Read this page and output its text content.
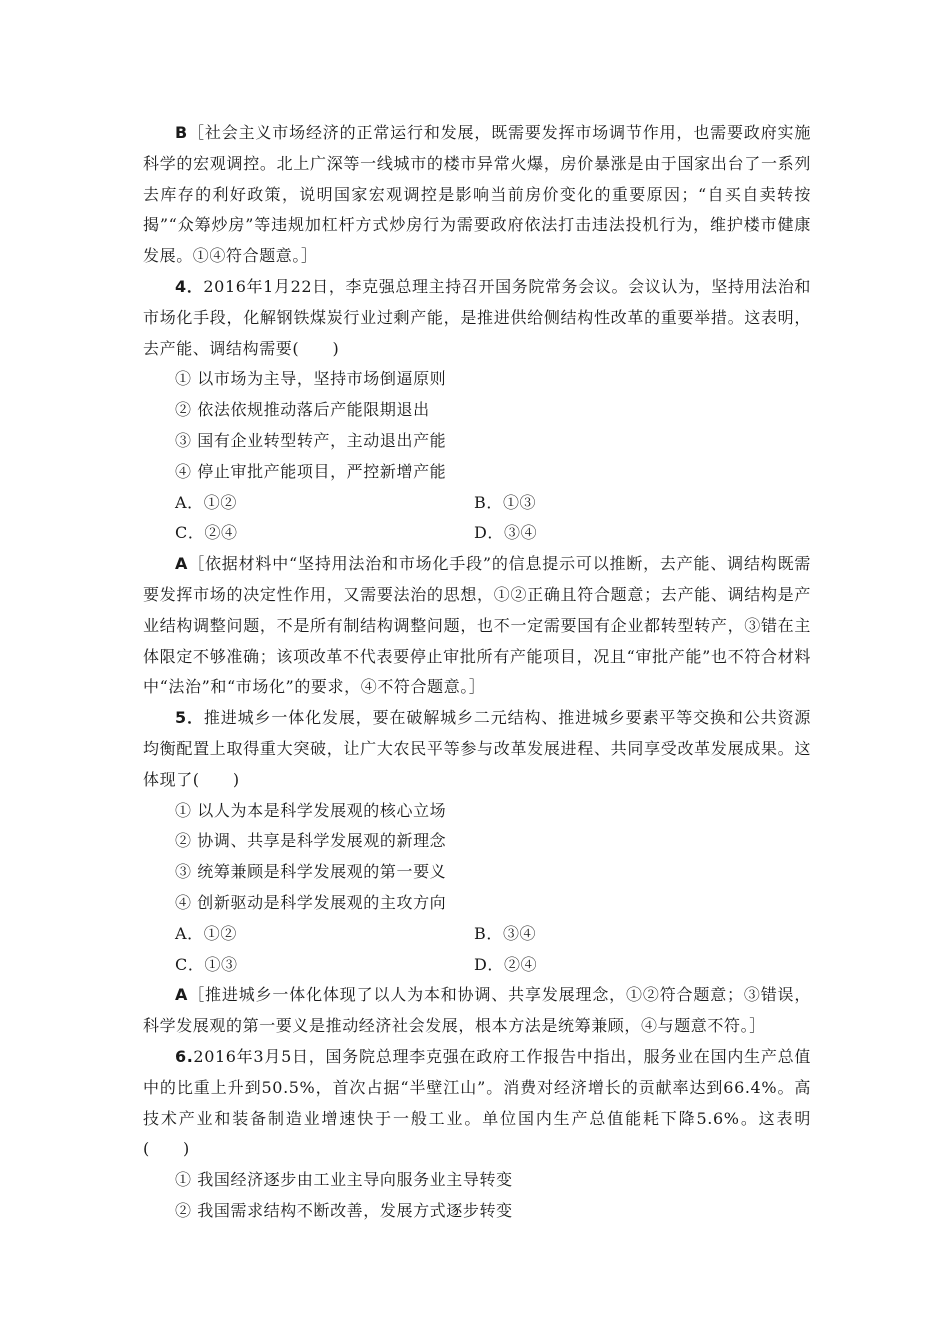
B［社会主义市场经济的正常运行和发展，既需要发挥市场调节作用，也需要政府实施科学的宏观调控。北上广深等一线城市的楼市异常火爆，房价暴涨是由于国家出台了一系列去库存的利好政策，说明国家宏观调控是影响当前房价变化的重要原因；“自买自卖转按揭”“众筹炒房”等违规加杠杆方式炒房行为需要政府依法打击违法投机行为，维护楼市健康发展。①④符合题意。］

4．2016年1月22日，李克强总理主持召开国务院常务会议。会议认为，坚持用法治和市场化手段，化解钢铁煤炭行业过剩产能，是推进供给侧结构性改革的重要举措。这表明，去产能、调结构需要(　　)

① 以市场为主导，坚持市场倒逼原则

② 依法依规推动落后产能限期退出

③ 国有企业转型转产，主动退出产能

④ 停止审批产能项目，严控新增产能

A．①②	B．①③
C．②④	D．③④

A［依据材料中“坚持用法治和市场化手段”的信息提示可以推断，去产能、调结构既需要发挥市场的决定性作用，又需要法治的思想，①②正确且符合题意；去产能、调结构是产业结构调整问题，不是所有制结构调整问题，也不一定需要国有企业都转型转产，③错在主体限定不够准确；该项改革不代表要停止审批所有产能项目，况且“审批产能”也不符合材料中“法治”和“市场化”的要求，④不符合题意。］

5．推进城乡一体化发展，要在破解城乡二元结构、推进城乡要素平等交换和公共资源均衡配置上取得重大突破，让广大农民平等参与改革发展进程、共同享受改革发展成果。这体现了(　　)

① 以人为本是科学发展观的核心立场

② 协调、共享是科学发展观的新理念

③ 统筹兼顾是科学发展观的第一要义

④ 创新驱动是科学发展观的主攻方向

A．①②	B．③④
C．①③	D．②④

A［推进城乡一体化体现了以人为本和协调、共享发展理念，①②符合题意；③错误，科学发展观的第一要义是推动经济社会发展，根本方法是统筹兼顾，④与题意不符。］

6.2016年3月5日，国务院总理李克强在政府工作报告中指出，服务业在国内生产总值中的比重上升到50.5%，首次占据“半壁江山”。消费对经济增长的贡献率达到66.4%。高技术产业和装备制造业增速快于一般工业。单位国内生产总值能耗下降5.6%。这表明(　　)

① 我国经济逐步由工业主导向服务业主导转变

② 我国需求结构不断改善，发展方式逐步转变
